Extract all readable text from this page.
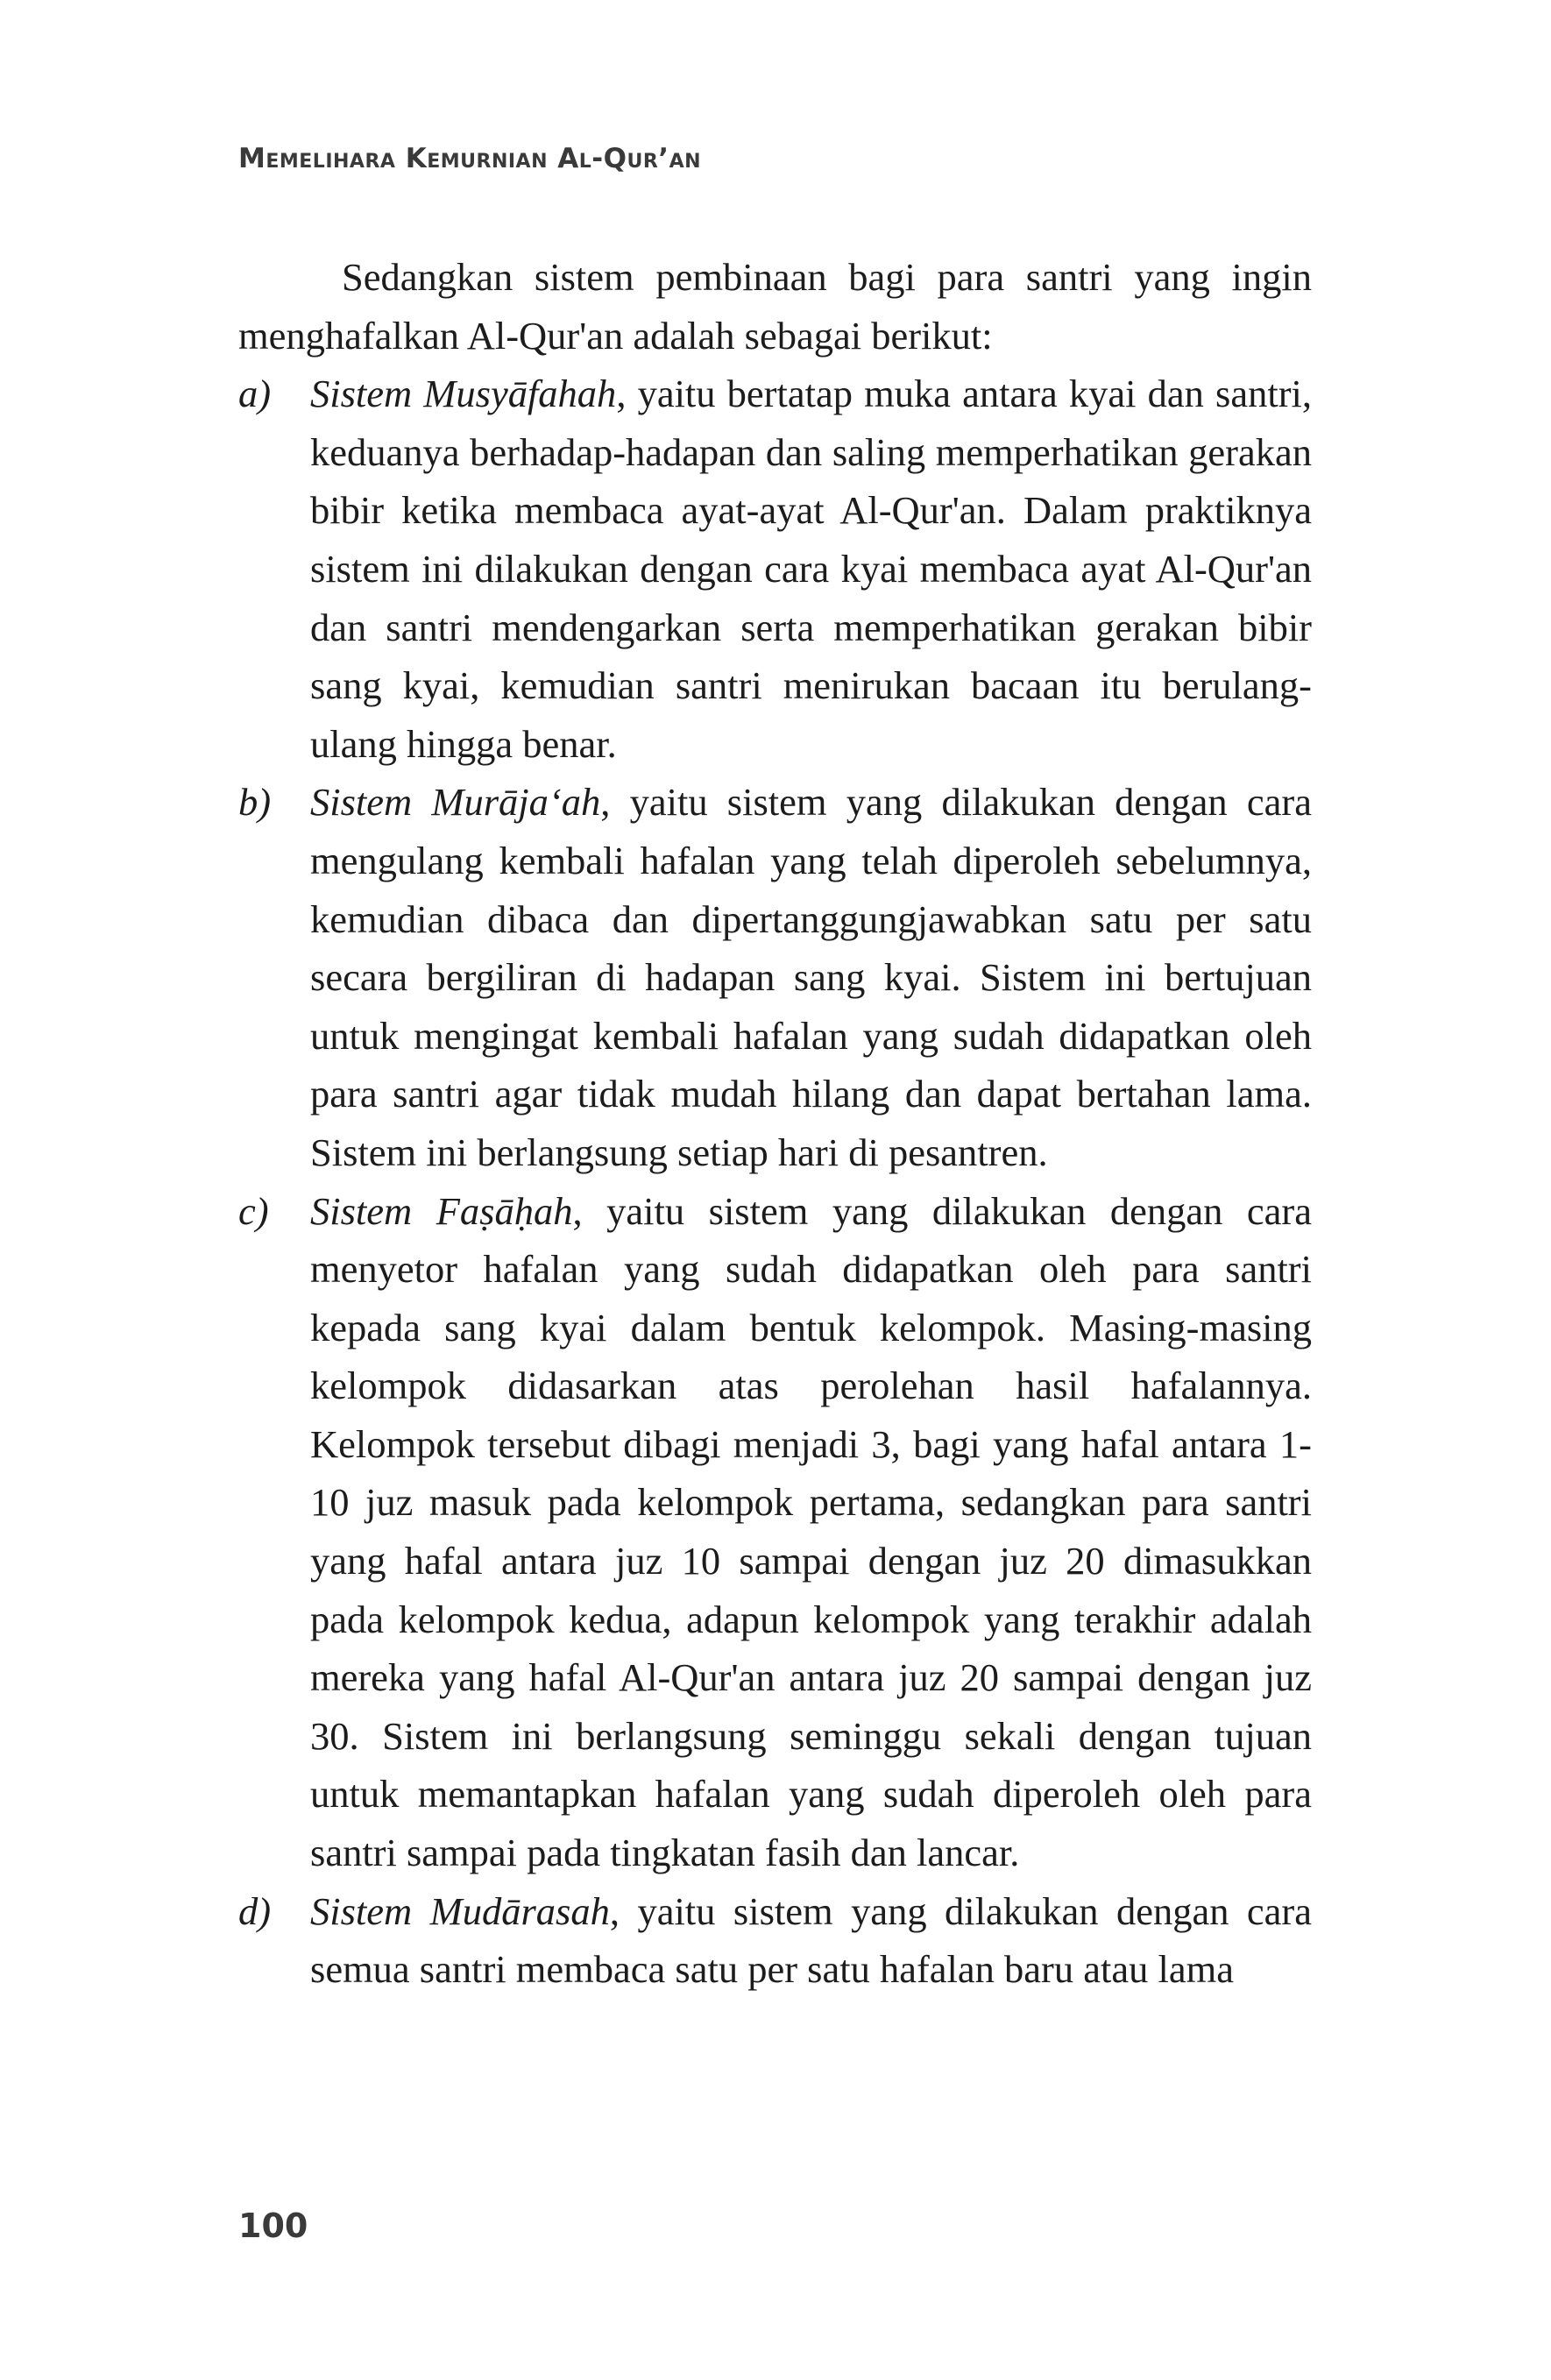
Memelihara Kemurnian Al-Qur’an

Sedangkan sistem pembinaan bagi para santri yang ingin menghafalkan Al-Qur'an adalah sebagai berikut:

a) Sistem Musyāfahah, yaitu bertatap muka antara kyai dan santri, keduanya berhadap-hadapan dan saling memperhatikan gerakan bibir ketika membaca ayat-ayat Al-Qur'an. Dalam praktiknya sistem ini dilakukan dengan cara kyai membaca ayat Al-Qur'an dan santri mendengarkan serta memperhatikan gerakan bibir sang kyai, kemudian santri menirukan bacaan itu berulang-ulang hingga benar.
b) Sistem Murāja‘ah, yaitu sistem yang dilakukan dengan cara mengulang kembali hafalan yang telah diperoleh sebelumnya, kemudian dibaca dan dipertanggungjawabkan satu per satu secara bergiliran di hadapan sang kyai. Sistem ini bertujuan untuk mengingat kembali hafalan yang sudah didapatkan oleh para santri agar tidak mudah hilang dan dapat bertahan lama. Sistem ini berlangsung setiap hari di pesantren.
c) Sistem Faṣāḥah, yaitu sistem yang dilakukan dengan cara menyetor hafalan yang sudah didapatkan oleh para santri kepada sang kyai dalam bentuk kelompok. Masing-masing kelompok didasarkan atas perolehan hasil hafalannya. Kelompok tersebut dibagi menjadi 3, bagi yang hafal antara 1-10 juz masuk pada kelompok pertama, sedangkan para santri yang hafal antara juz 10 sampai dengan juz 20 dimasukkan pada kelompok kedua, adapun kelompok yang terakhir adalah mereka yang hafal Al-Qur'an antara juz 20 sampai dengan juz 30. Sistem ini berlangsung seminggu sekali dengan tujuan untuk memantapkan hafalan yang sudah diperoleh oleh para santri sampai pada tingkatan fasih dan lancar.
d) Sistem Mudārasah, yaitu sistem yang dilakukan dengan cara semua santri membaca satu per satu hafalan baru atau lama
100
